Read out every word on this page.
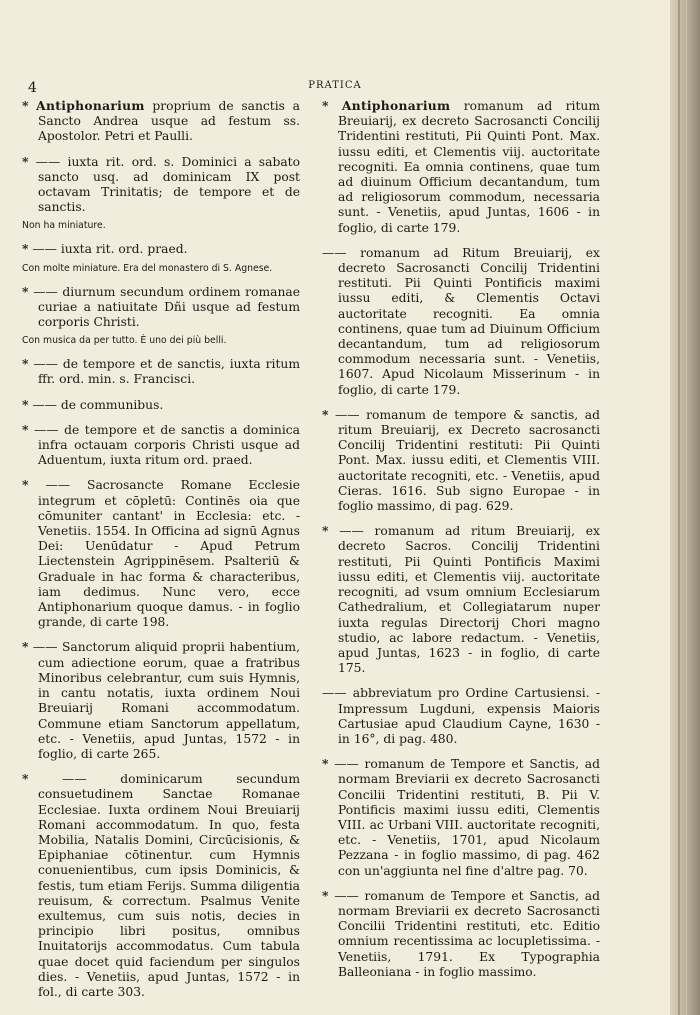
4	PRATICA
* Antiphonarium proprium de sanctis a Sancto Andrea usque ad festum ss. Apostolor. Petri et Paulli.
* —— iuxta rit. ord. s. Dominici a sabato sancto usq. ad dominicam IX post octavam Trinitatis; de tempore et de sanctis.
Non ha miniature.
* —— iuxta rit. ord. praed.
Con molte miniature. Era del monastero di S. Agnese.
* —— diurnum secundum ordinem romanae curiae a natiuitate Dñi usque ad festum corporis Christi.
Con musica da per tutto. È uno dei più belli.
* —— de tempore et de sanctis, iuxta ritum ffr. ord. min. s. Francisci.
* —— de communibus.
* —— de tempore et de sanctis a dominica infra octauam corporis Christi usque ad Aduentum, iuxta ritum ord. praed.
* —— Sacrosancte Romane Ecclesie integrum et cōpletū: Continēs oia que cōmuniter cantant' in Ecclesia: etc. - Venetiis. 1554. In Officina ad signū Agnus Dei: Uenūdatur - Apud Petrum Liectenstein Agrippinēsem. Psalteriū & Graduale in hac forma & characteribus, iam dedimus. Nunc vero, ecce Antiphonarium quoque damus. - in foglio grande, di carte 198.
* —— Sanctorum aliquid proprii habentium, cum adiectione eorum, quae a fratribus Minoribus celebrantur, cum suis Hymnis, in cantu notatis, iuxta ordinem Noui Breuiarij Romani accommodatum. Commune etiam Sanctorum appellatum, etc. - Venetiis, apud Juntas, 1572 - in foglio, di carte 265.
* —— dominicarum secundum consuetudinem Sanctae Romanae Ecclesiae. Iuxta ordinem Noui Breuiarij Romani accommodatum. In quo, festa Mobilia, Natalis Domini, Circūcisionis, & Epiphaniae cōtinentur. cum Hymnis conuenientibus, cum ipsis Dominicis, & festis, tum etiam Ferijs. Summa diligentia reuisum, & correctum. Psalmus Venite exultemus, cum suis notis, decies in principio libri positus, omnibus Inuitatorijs accommodatus. Cum tabula quae docet quid faciendum per singulos dies. - Venetiis, apud Juntas, 1572 - in fol., di carte 303.
* Antiphonarium romanum ad ritum Breuiarij, ex decreto Sacrosancti Concilij Tridentini restituti, Pii Quinti Pont. Max. iussu editi, et Clementis viij. auctoritate recogniti. Ea omnia continens, quae tum ad diuinum Officium decantandum, tum ad religiosorum commodum, necessaria sunt. - Venetiis, apud Juntas, 1606 - in foglio, di carte 179.
—— romanum ad Ritum Breuiarij, ex decreto Sacrosancti Concilij Tridentini restituti. Pii Quinti Pontificis maximi iussu editi, & Clementis Octavi auctoritate recogniti. Ea omnia continens, quae tum ad Diuinum Officium decantandum, tum ad religiosorum commodum necessaria sunt. - Venetiis, 1607. Apud Nicolaum Misserinum - in foglio, di carte 179.
* —— romanum de tempore & sanctis, ad ritum Breuiarij, ex Decreto sacrosancti Concilij Tridentini restituti: Pii Quinti Pont. Max. iussu editi, et Clementis VIII. auctoritate recogniti, etc. - Venetiis, apud Cieras. 1616. Sub signo Europae - in foglio massimo, di pag. 629.
* —— romanum ad ritum Breuiarij, ex decreto Sacros. Concilij Tridentini restituti, Pii Quinti Pontificis Maximi iussu editi, et Clementis viij. auctoritate recogniti, ad vsum omnium Ecclesiarum Cathedralium, et Collegiatarum nuper iuxta regulas Directorij Chori magno studio, ac labore redactum. - Venetiis, apud Juntas, 1623 - in foglio, di carte 175.
—— abbreviatum pro Ordine Cartusiensi. - Impressum Lugduni, expensis Maioris Cartusiae apud Claudium Cayne, 1630 - in 16°, di pag. 480.
* —— romanum de Tempore et Sanctis, ad normam Breviarii ex decreto Sacrosancti Concilii Tridentini restituti, B. Pii V. Pontificis maximi iussu editi, Clementis VIII. ac Urbani VIII. auctoritate recogniti, etc. - Venetiis, 1701, apud Nicolaum Pezzana - in foglio massimo, di pag. 462 con un'aggiunta nel fine d'altre pag. 70.
* —— romanum de Tempore et Sanctis, ad normam Breviarii ex decreto Sacrosancti Concilii Tridentini restituti, etc. Editio omnium recentissima ac locupletissima. - Venetiis, 1791. Ex Typographia Balleoniana - in foglio massimo.
